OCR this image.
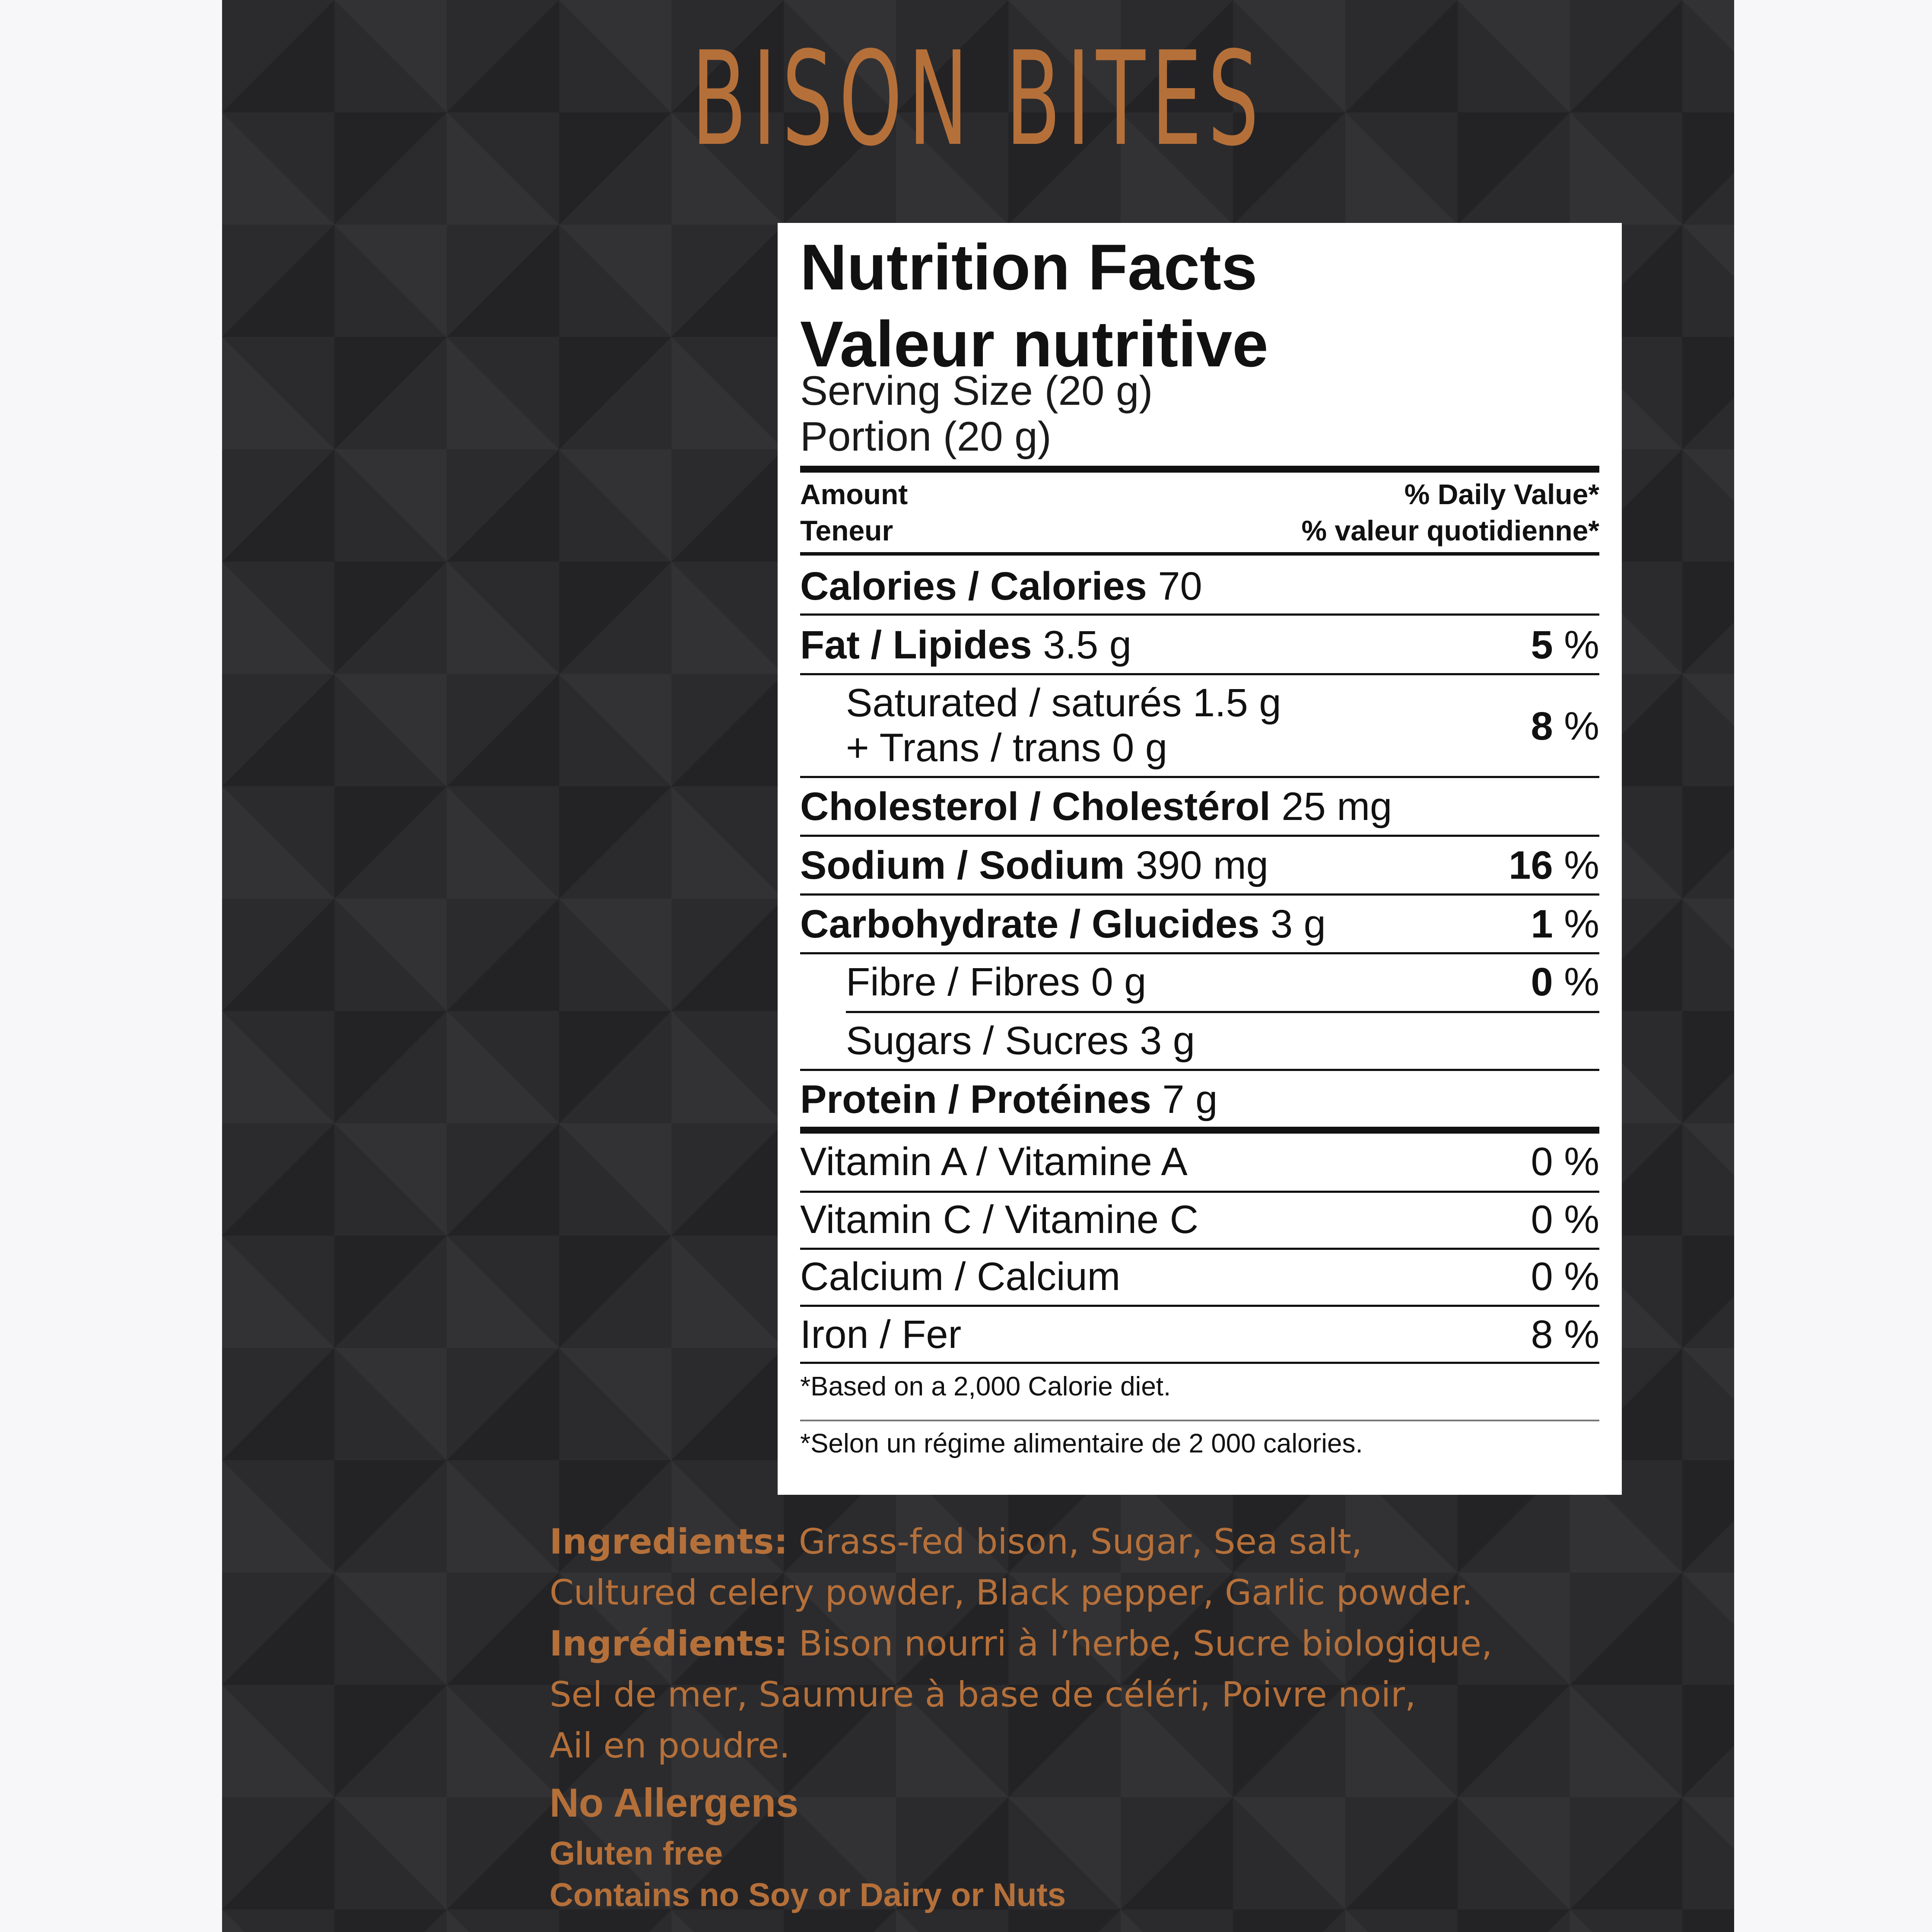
BISON BITES
Nutrition Facts
Valeur nutritive
Serving Size (20 g)
Portion (20 g)
Amount	% Daily Value*
Teneur	% valeur quotidienne*
Calories / Calories 70
Fat / Lipides 3.5 g	5 %
Saturated / saturés 1.5 g
+ Trans / trans 0 g	8 %
Cholesterol / Cholestérol 25 mg
Sodium / Sodium 390 mg	16 %
Carbohydrate / Glucides 3 g	1 %
Fibre / Fibres 0 g	0 %
Sugars / Sucres 3 g
Protein / Protéines 7 g
Vitamin A / Vitamine A	0 %
Vitamin C / Vitamine C	0 %
Calcium / Calcium	0 %
Iron / Fer	8 %
*Based on a 2,000 Calorie diet.
*Selon un régime alimentaire de 2 000 calories.
Ingredients: Grass-fed bison, Sugar, Sea salt,
Cultured celery powder, Black pepper, Garlic powder.
Ingrédients: Bison nourri à l’herbe, Sucre biologique,
Sel de mer, Saumure à base de céléri, Poivre noir,
Ail en poudre.
No Allergens
Gluten free
Contains no Soy or Dairy or Nuts
